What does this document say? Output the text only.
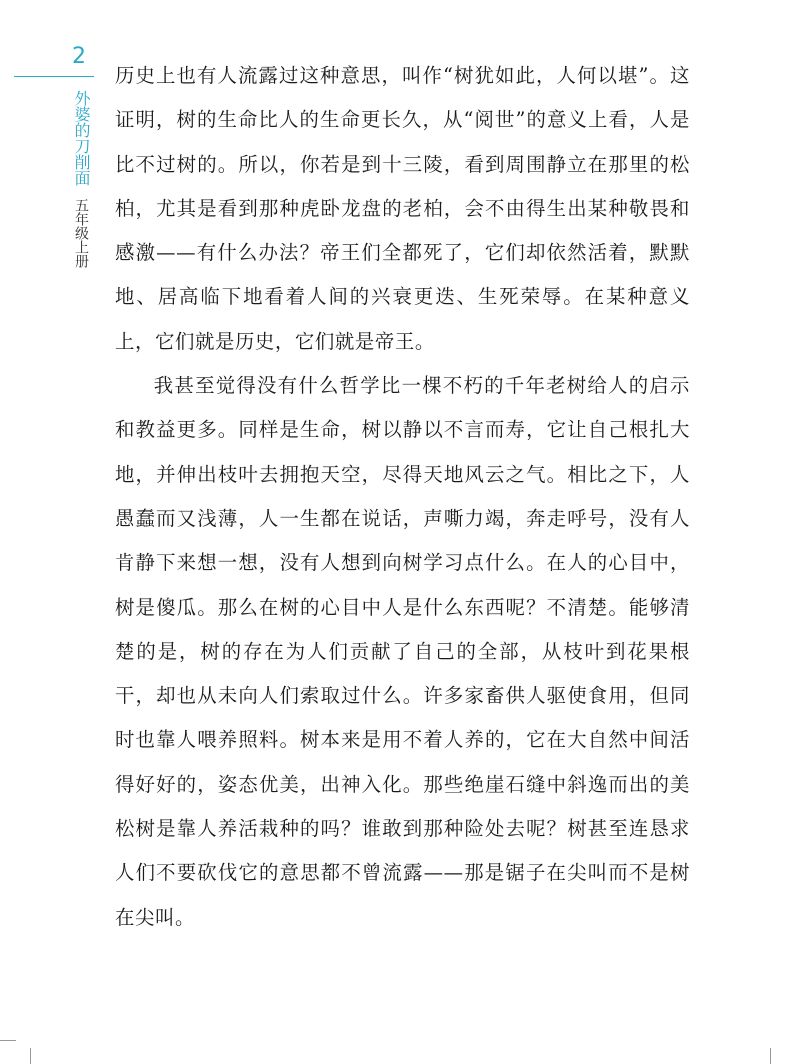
2
外婆的刀削面
五年级上册

历史上也有人流露过这种意思，叫作“树犹如此，人何以堪”。这证明，树的生命比人的生命更长久，从“阅世”的意义上看，人是比不过树的。所以，你若是到十三陵，看到周围静立在那里的松柏，尤其是看到那种虎卧龙盘的老柏，会不由得生出某种敬畏和感激——有什么办法？帝王们全都死了，它们却依然活着，默默地、居高临下地看着人间的兴衰更迭、生死荣辱。在某种意义上，它们就是历史，它们就是帝王。

我甚至觉得没有什么哲学比一棵不朽的千年老树给人的启示和教益更多。同样是生命，树以静以不言而寿，它让自己根扎大地，并伸出枝叶去拥抱天空，尽得天地风云之气。相比之下，人愚蠢而又浅薄，人一生都在说话，声嘶力竭，奔走呼号，没有人肯静下来想一想，没有人想到向树学习点什么。在人的心目中，树是傻瓜。那么在树的心目中人是什么东西呢？不清楚。能够清楚的是，树的存在为人们贡献了自己的全部，从枝叶到花果根干，却也从未向人们索取过什么。许多家畜供人驱使食用，但同时也靠人喂养照料。树本来是用不着人养的，它在大自然中间活得好好的，姿态优美，出神入化。那些绝崖石缝中斜逸而出的美松树是靠人养活栽种的吗？谁敢到那种险处去呢？树甚至连恳求人们不要砍伐它的意思都不曾流露——那是锯子在尖叫而不是树在尖叫。
